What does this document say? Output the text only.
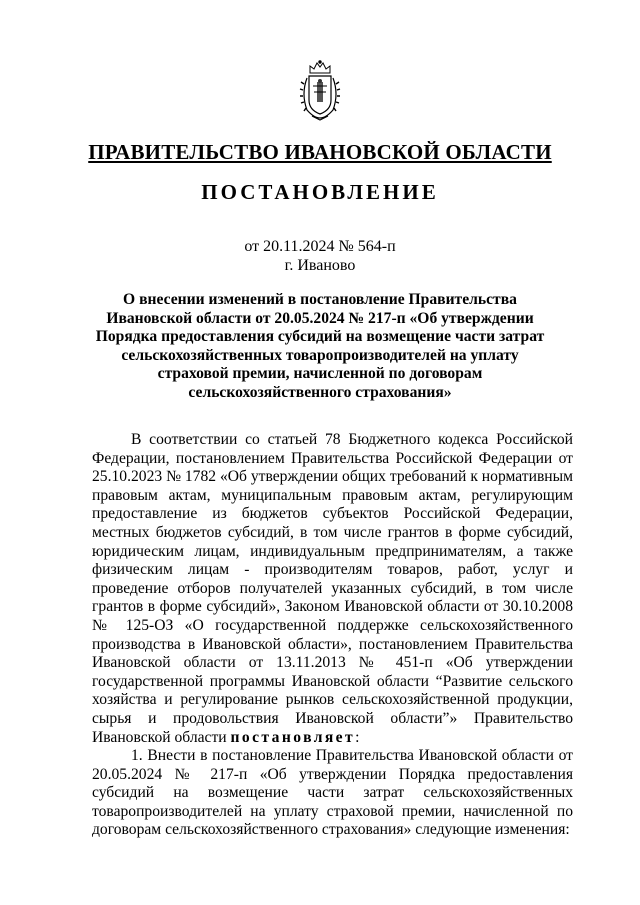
ПРАВИТЕЛЬСТВО ИВАНОВСКОЙ ОБЛАСТИ
ПОСТАНОВЛЕНИЕ
от 20.11.2024 № 564-п
г. Иваново
О внесении изменений в постановление Правительства Ивановской области от 20.05.2024 № 217-п «Об утверждении Порядка предоставления субсидий на возмещение части затрат сельскохозяйственных товаропроизводителей на уплату страховой премии, начисленной по договорам сельскохозяйственного страхования»

В соответствии со статьей 78 Бюджетного кодекса Российской Федерации, постановлением Правительства Российской Федерации от 25.10.2023 № 1782 «Об утверждении общих требований к нормативным правовым актам, муниципальным правовым актам, регулирующим предоставление из бюджетов субъектов Российской Федерации, местных бюджетов субсидий, в том числе грантов в форме субсидий, юридическим лицам, индивидуальным предпринимателям, а также физическим лицам - производителям товаров, работ, услуг и проведение отборов получателей указанных субсидий, в том числе грантов в форме субсидий», Законом Ивановской области от 30.10.2008 № 125-ОЗ «О государственной поддержке сельскохозяйственного производства в Ивановской области», постановлением Правительства Ивановской области от 13.11.2013 № 451-п «Об утверждении государственной программы Ивановской области “Развитие сельского хозяйства и регулирование рынков сельскохозяйственной продукции, сырья и продовольствия Ивановской области”» Правительство Ивановской области постановляет:

1. Внести в постановление Правительства Ивановской области от 20.05.2024 № 217-п «Об утверждении Порядка предоставления субсидий на возмещение части затрат сельскохозяйственных товаропроизводителей на уплату страховой премии, начисленной по договорам сельскохозяйственного страхования» следующие изменения:
